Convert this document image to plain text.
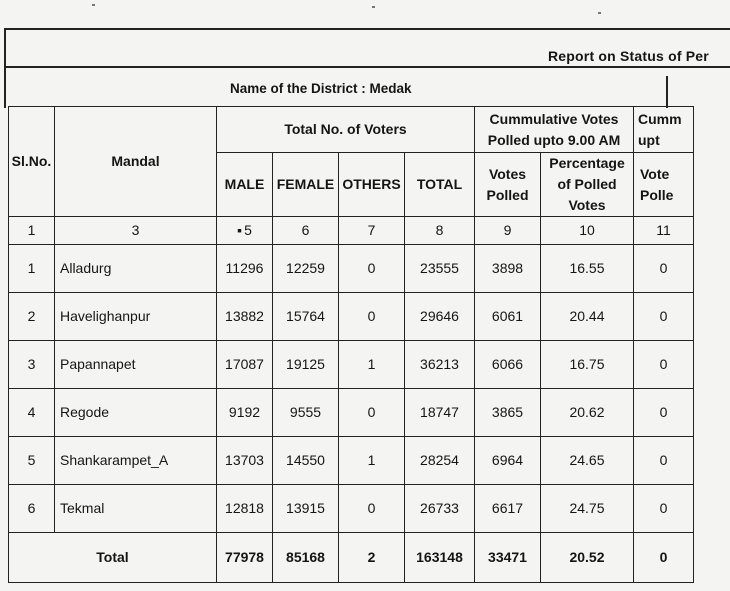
Report on Status of Per
Name of the District : Medak
Sl.No.	Mandal	Total No. of Voters				Cummulative Votes Polled upto 9.00 AM		Cumm upt
		MALE	FEMALE	OTHERS	TOTAL	Votes Polled	Percentage of Polled Votes	Vote Polle
1	3	▪ 5	6	7	8	9	10	11
1	Alladurg	11296	12259	0	23555	3898	16.55	0
2	Havelighanpur	13882	15764	0	29646	6061	20.44	0
3	Papannapet	17087	19125	1	36213	6066	16.75	0
4	Regode	9192	9555	0	18747	3865	20.62	0
5	Shankarampet_A	13703	14550	1	28254	6964	24.65	0
6	Tekmal	12818	13915	0	26733	6617	24.75	0
Total		77978	85168	2	163148	33471	20.52	0
